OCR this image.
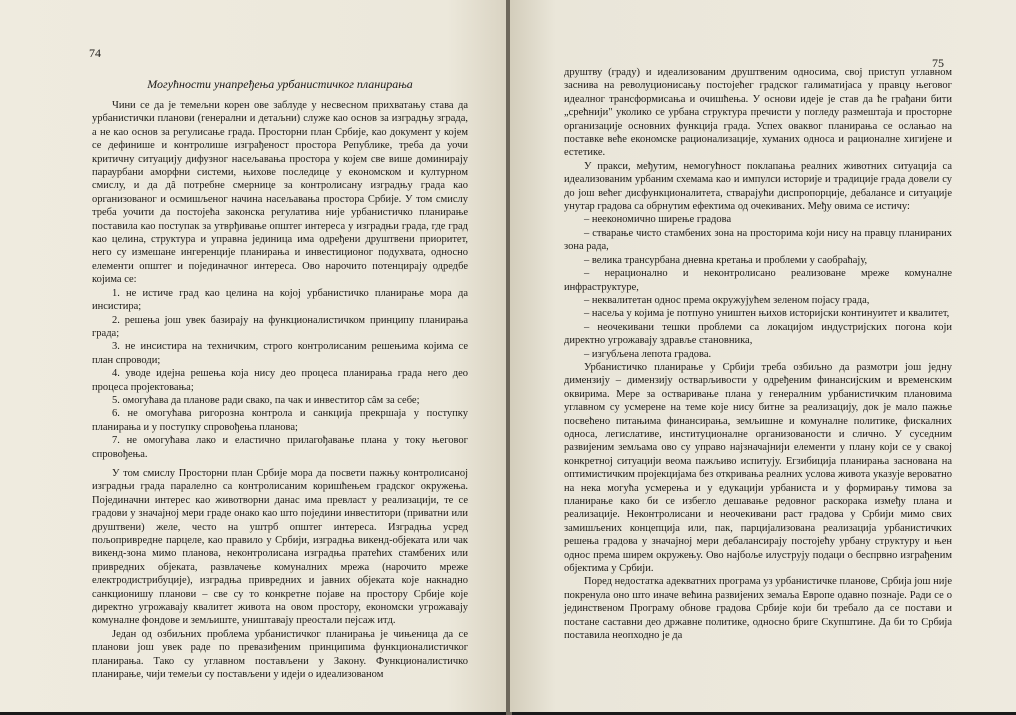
74
Могућности унапређења урбанистичког планирања

Чини се да је темељни корен ове заблуде у несвесном прихватању става да урбанистички планови (генерални и детаљни) служе као основ за изградњу зграда, а не као основ за регулисање града. Просторни план Србије, као документ у којем се дефинише и контролише изграђеност простора Републике, треба да уочи критичну ситуацију дифузног насељавања простора у којем све више доминирају параурбани аморфни системи, њихове последице у економском и културном смислу, и да дâ потребне смернице за контролисану изградњу града као организованог и осмишљеног начина насељавања простора Србије. У том смислу треба уочити да постојећа законска регулатива није урбанистичко планирање поставила као поступак за утврђивање општег интереса у изградњи града, где град као целина, структура и управна јединица има одређени друштвени приоритет, него су измешане ингеренције планирања и инвестиционог подухвата, односно елементи општег и појединачног интереса. Ово нарочито потенцирају одредбе којима се:

1. не истиче град као целина на којој урбанистичко планирање мора да инсистира;

2. решења још увек базирају на функционалистичком принципу планирања града;

3. не инсистира на техничким, строго контролисаним решењима којима се план спроводи;

4. уводе идејна решења која нису део процеса планирања града него део процеса пројектовања;

5. омогућава да планове ради свако, па чак и инвеститор сâм за себе;

6. не омогућава ригорозна контрола и санкција прекршаја у поступку планирања и у поступку спровођења планова;

7. не омогућава лако и еластично прилагођавање плана у току његовог спровођења.

У том смислу Просторни план Србије мора да посвети пажњу контролисаној изградњи града паралелно са контролисаним коришћењем градског окружења. Појединачни интерес као животворни данас има превласт у реализацији, те се градови у значајној мери граде онако као што поједини инвеститори (приватни или друштвени) желе, често на уштрб општег интереса. Изградња усред пољопривредне парцеле, као правило у Србији, изградња викенд-објеката или чак викенд-зона мимо планова, неконтролисана изградња пратећих стамбених или привредних објеката, развлачење комуналних мрежа (нарочито мреже електродистрибуције), изградња привредних и јавних објеката које накнадно санкционишу планови – све су то конкретне појаве на простору Србије које директно угрожавају квалитет живота на овом простору, економски угрожавају комуналне фондове и земљиште, уништавају преостали пејсаж итд.

Један од озбиљних проблема урбанистичког планирања је чињеница да се планови још увек раде по превазиђеним принципима функционалистичког планирања. Тако су углавном постављени у Закону. Функционалистичко планирање, чији темељи су постављени у идеји о идеализованом

75

друштву (граду) и идеализованим друштвеним односима, свој приступ углавном заснива на револуционисању постојећег градског галиматијаса у правцу његовог идеалног трансформисања и очишћења. У основи идеје је став да ће грађани бити „срећнији" уколико се урбана структура пречисти у погледу размештаја и просторне организације основних функција града. Успех оваквог планирања се ослањао на поставке веће економске рационализације, хуманих односа и рационалне хигијене и естетике.

У пракси, међутим, немогућност поклапања реалних животних ситуација са идеализованим урбаним схемама као и импулси историје и традиције града довели су до још већег дисфункционалитета, стварајући диспропорције, дебалансе и ситуације унутар градова са обрнутим ефектима од очекиваних. Међу овима се истичу:

– неекономично ширење градова

– стварање чисто стамбених зона на просторима који нису на правцу планираних зона рада,

– велика трансурбана дневна кретања и проблеми у саобраћају,

– нерационално и неконтролисано реализоване мреже комуналне инфраструктуре,

– неквалитетан однос према окружујућем зеленом појасу града,

– насеља у којима је потпуно уништен њихов историјски континуитет и квалитет,

– неочекивани тешки проблеми са локацијом индустријских погона који директно угрожавају здравље становника,

– изгубљена лепота градова.

Урбанистичко планирање у Србији треба озбиљно да размотри још једну димензију – димензију остварљивости у одређеним финансијским и временским оквирима. Мере за остваривање плана у генералним урбанистичким плановима углавном су усмерене на теме које нису битне за реализацију, док је мало пажње посвећено питањима финансирања, земљишне и комуналне политике, фискалних односа, легислативе, институционалне организованости и слично. У суседним развијеним земљама ово су управо најзначајнији елементи у плану који се у свакој конкретној ситуацији веома пажљиво испитују. Егзибиција планирања заснована на оптимистичким пројекцијама без откривања реалних услова живота указује вероватно на нека могућа усмерења и у едукацији урбаниста и у формирању тимова за планирање како би се избегло дешавање редовног раскорака између плана и реализације. Неконтролисани и неочекивани раст градова у Србији мимо свих замишљених концепција или, пак, парцијализована реализација урбанистичких решења градова у значајној мери дебалансирају постојећу урбану структуру и њен однос према ширем окружењу. Ово најбоље илуструју подаци о беспрвно изграђеним објектима у Србији.

Поред недостатка адекватних програма уз урбанистичке планове, Србија још није покренула оно што иначе већина развијених земаља Европе одавно познаје. Ради се о јединственом Програму обнове градова Србије који би требало да се постави и постане саставни део државне политике, односно бриге Скупштине. Да би то Србија поставила неопходно је да
